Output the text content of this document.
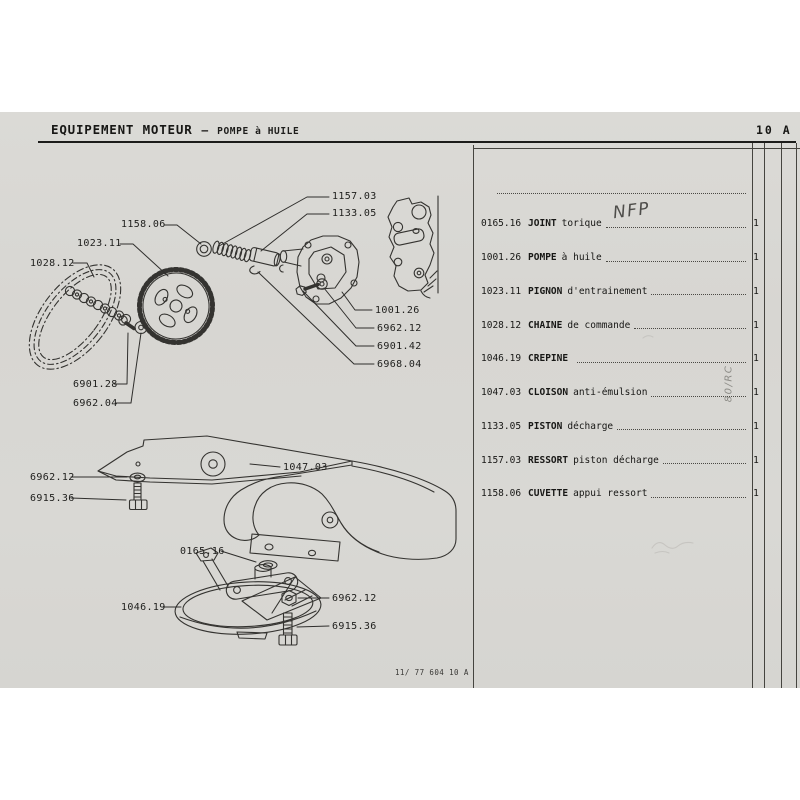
EQUIPEMENT MOTEUR — POMPE à HUILE	10 A
0165.16 JOINT torique	1
1001.26 POMPE à huile	1
1023.11 PIGNON d'entrainement	1
1028.12 CHAINE de commande	1
1046.19 CREPINE	1
1047.03 CLOISON anti-émulsion	1
1133.05 PISTON décharge	1
1157.03 RESSORT piston décharge	1
1158.06 CUVETTE appui ressort	1
1157.03
1133.05
1158.06
1023.11
1028.12
1001.26
6962.12
6901.42
6968.04
6901.28
6962.04
6962.12
6915.36
1047.03
0165.16
1046.19
6962.12
6915.36
NFP
80/RC
11/ 77 604 10 A
